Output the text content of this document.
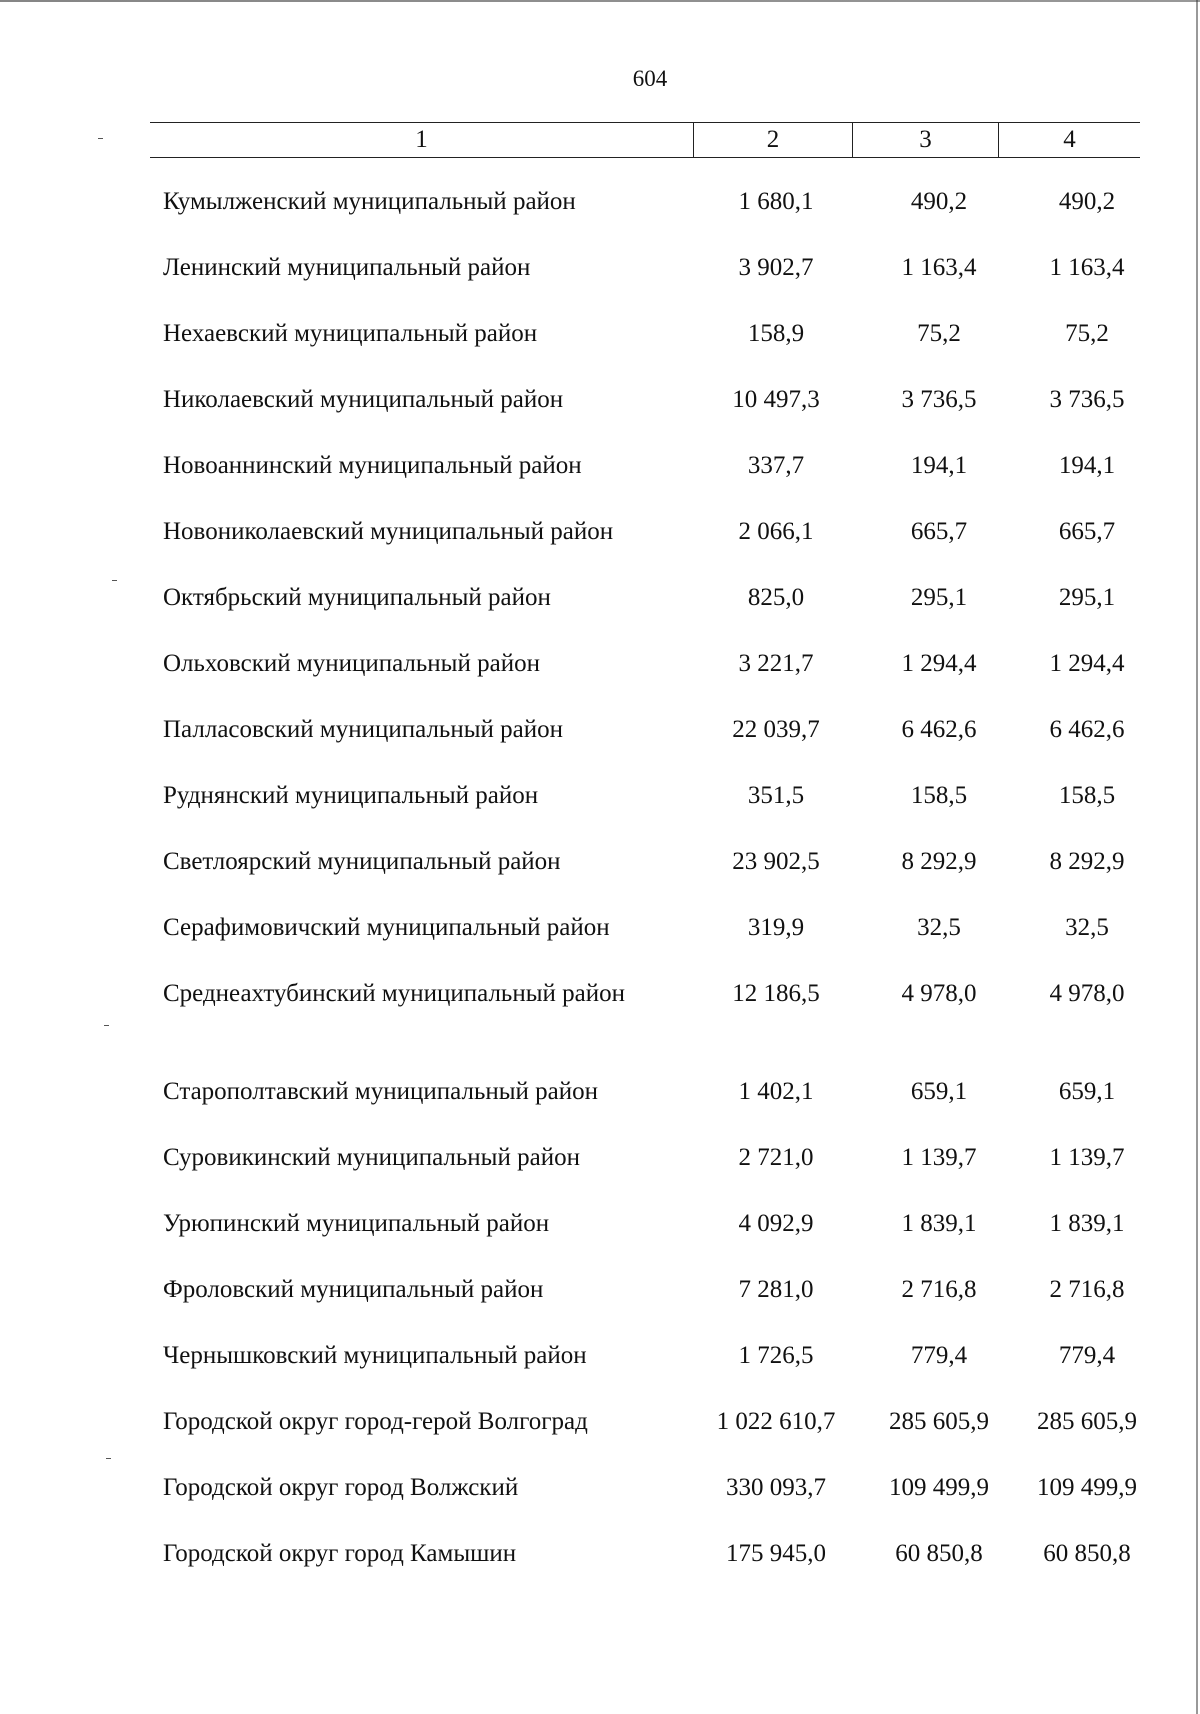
604
1	2	3	4
Кумылженский муниципальный район	1 680,1	490,2	490,2
Ленинский муниципальный район	3 902,7	1 163,4	1 163,4
Нехаевский муниципальный район	158,9	75,2	75,2
Николаевский муниципальный район	10 497,3	3 736,5	3 736,5
Новоаннинский муниципальный район	337,7	194,1	194,1
Новониколаевский муниципальный район	2 066,1	665,7	665,7
Октябрьский муниципальный район	825,0	295,1	295,1
Ольховский муниципальный район	3 221,7	1 294,4	1 294,4
Палласовский муниципальный район	22 039,7	6 462,6	6 462,6
Руднянский муниципальный район	351,5	158,5	158,5
Светлоярский муниципальный район	23 902,5	8 292,9	8 292,9
Серафимовичский муниципальный район	319,9	32,5	32,5
Среднеахтубинский муниципальный район	12 186,5	4 978,0	4 978,0
Старополтавский муниципальный район	1 402,1	659,1	659,1
Суровикинский муниципальный район	2 721,0	1 139,7	1 139,7
Урюпинский муниципальный район	4 092,9	1 839,1	1 839,1
Фроловский муниципальный район	7 281,0	2 716,8	2 716,8
Чернышковский муниципальный район	1 726,5	779,4	779,4
Городской округ город-герой Волгоград	1 022 610,7	285 605,9	285 605,9
Городской округ город Волжский	330 093,7	109 499,9	109 499,9
Городской округ город Камышин	175 945,0	60 850,8	60 850,8
